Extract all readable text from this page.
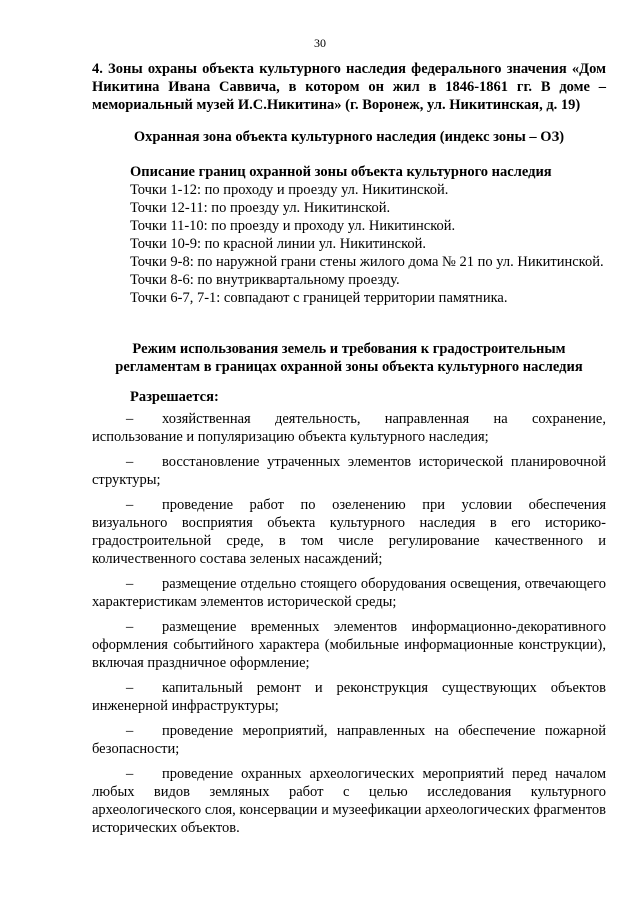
30
4. Зоны охраны объекта культурного наследия федерального значения «Дом Никитина Ивана Саввича, в котором он жил в 1846-1861 гг. В доме – мемориальный музей И.С.Никитина» (г. Воронеж, ул. Никитинская, д. 19)
Охранная зона объекта культурного наследия (индекс зоны – ОЗ)
Описание границ охранной зоны объекта культурного наследия
Точки 1-12: по проходу и проезду ул. Никитинской.
Точки 12-11: по проезду ул. Никитинской.
Точки 11-10: по проезду и проходу ул. Никитинской.
Точки 10-9: по красной линии ул. Никитинской.
Точки 9-8: по наружной грани стены жилого дома № 21 по ул. Никитинской.
Точки 8-6: по внутриквартальному проезду.
Точки 6-7, 7-1: совпадают с границей территории памятника.
Режим использования земель и требования к градостроительным регламентам в границах охранной зоны объекта культурного наследия
Разрешается:
– хозяйственная деятельность, направленная на сохранение, использование и популяризацию объекта культурного наследия;
– восстановление утраченных элементов исторической планировочной структуры;
– проведение работ по озеленению при условии обеспечения визуального восприятия объекта культурного наследия в его историко-градостроительной среде, в том числе регулирование качественного и количественного состава зеленых насаждений;
– размещение отдельно стоящего оборудования освещения, отвечающего характеристикам элементов исторической среды;
– размещение временных элементов информационно-декоративного оформления событийного характера (мобильные информационные конструкции), включая праздничное оформление;
– капитальный ремонт и реконструкция существующих объектов инженерной инфраструктуры;
– проведение мероприятий, направленных на обеспечение пожарной безопасности;
– проведение охранных археологических мероприятий перед началом любых видов земляных работ с целью исследования культурного археологического слоя, консервации и музеефикации археологических фрагментов исторических объектов.
